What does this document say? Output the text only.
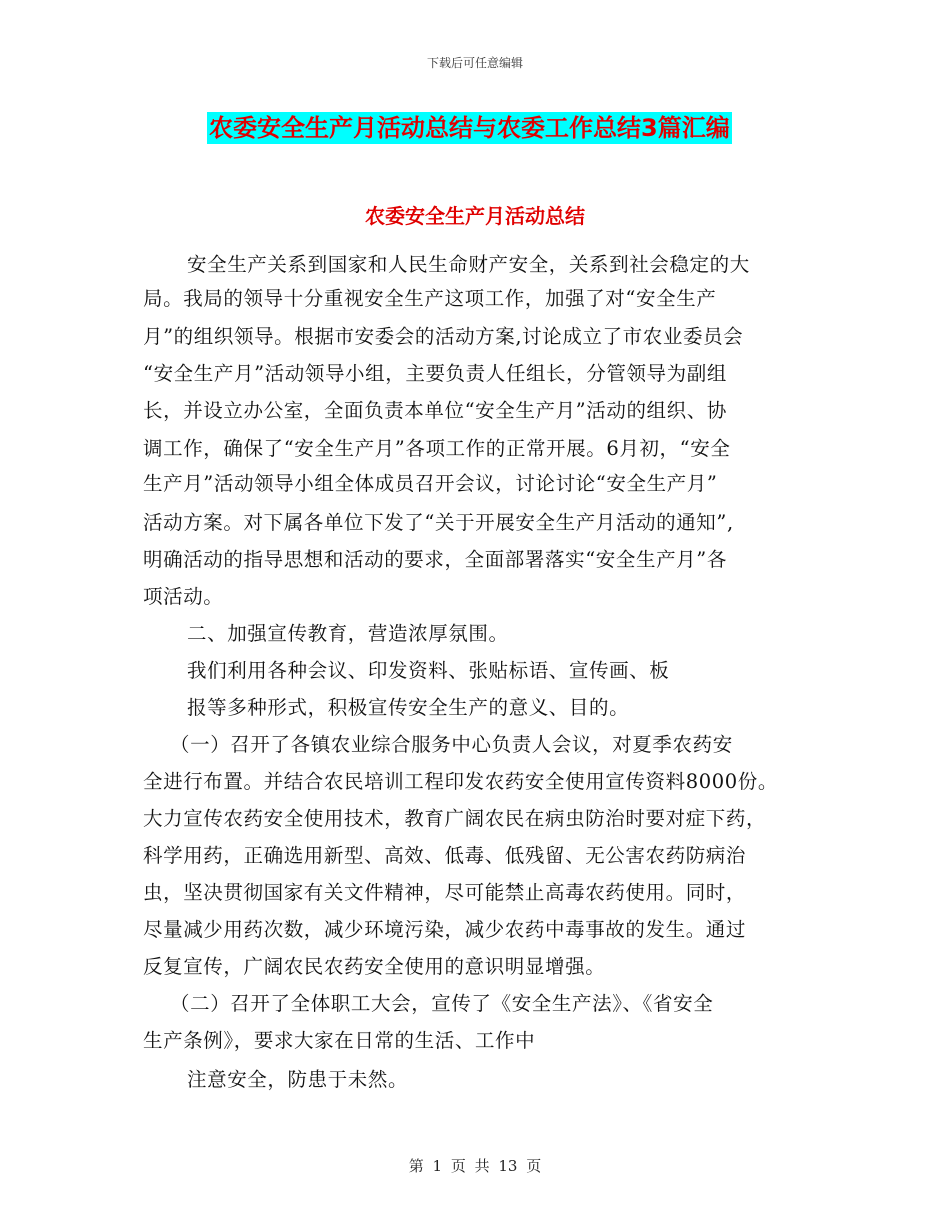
下载后可任意编辑
农委安全生产月活动总结与农委工作总结3篇汇编
农委安全生产月活动总结
安全生产关系到国家和人民生命财产安全，关系到社会稳定的大
局。我局的领导十分重视安全生产这项工作，加强了对“安全生产
月”的组织领导。根据市安委会的活动方案,讨论成立了市农业委员会
“安全生产月”活动领导小组，主要负责人任组长，分管领导为副组
长，并设立办公室，全面负责本单位“安全生产月”活动的组织、协
调工作，确保了“安全生产月”各项工作的正常开展。6月初，“安全
生产月”活动领导小组全体成员召开会议，讨论讨论“安全生产月”
活动方案。对下属各单位下发了“关于开展安全生产月活动的通知”,
明确活动的指导思想和活动的要求，全面部署落实“安全生产月”各
项活动。
二、加强宣传教育，营造浓厚氛围。
我们利用各种会议、印发资料、张贴标语、宣传画、板
报等多种形式，积极宣传安全生产的意义、目的。
（一）召开了各镇农业综合服务中心负责人会议，对夏季农药安
全进行布置。并结合农民培训工程印发农药安全使用宣传资料8000份。
大力宣传农药安全使用技术，教育广阔农民在病虫防治时要对症下药，
科学用药，正确选用新型、高效、低毒、低残留、无公害农药防病治
虫，坚决贯彻国家有关文件精神，尽可能禁止高毒农药使用。同时，
尽量减少用药次数，减少环境污染，减少农药中毒事故的发生。通过
反复宣传，广阔农民农药安全使用的意识明显增强。
（二）召开了全体职工大会，宣传了《安全生产法》、《省安全
生产条例》，要求大家在日常的生活、工作中
注意安全，防患于未然。
第 1 页 共 13 页
